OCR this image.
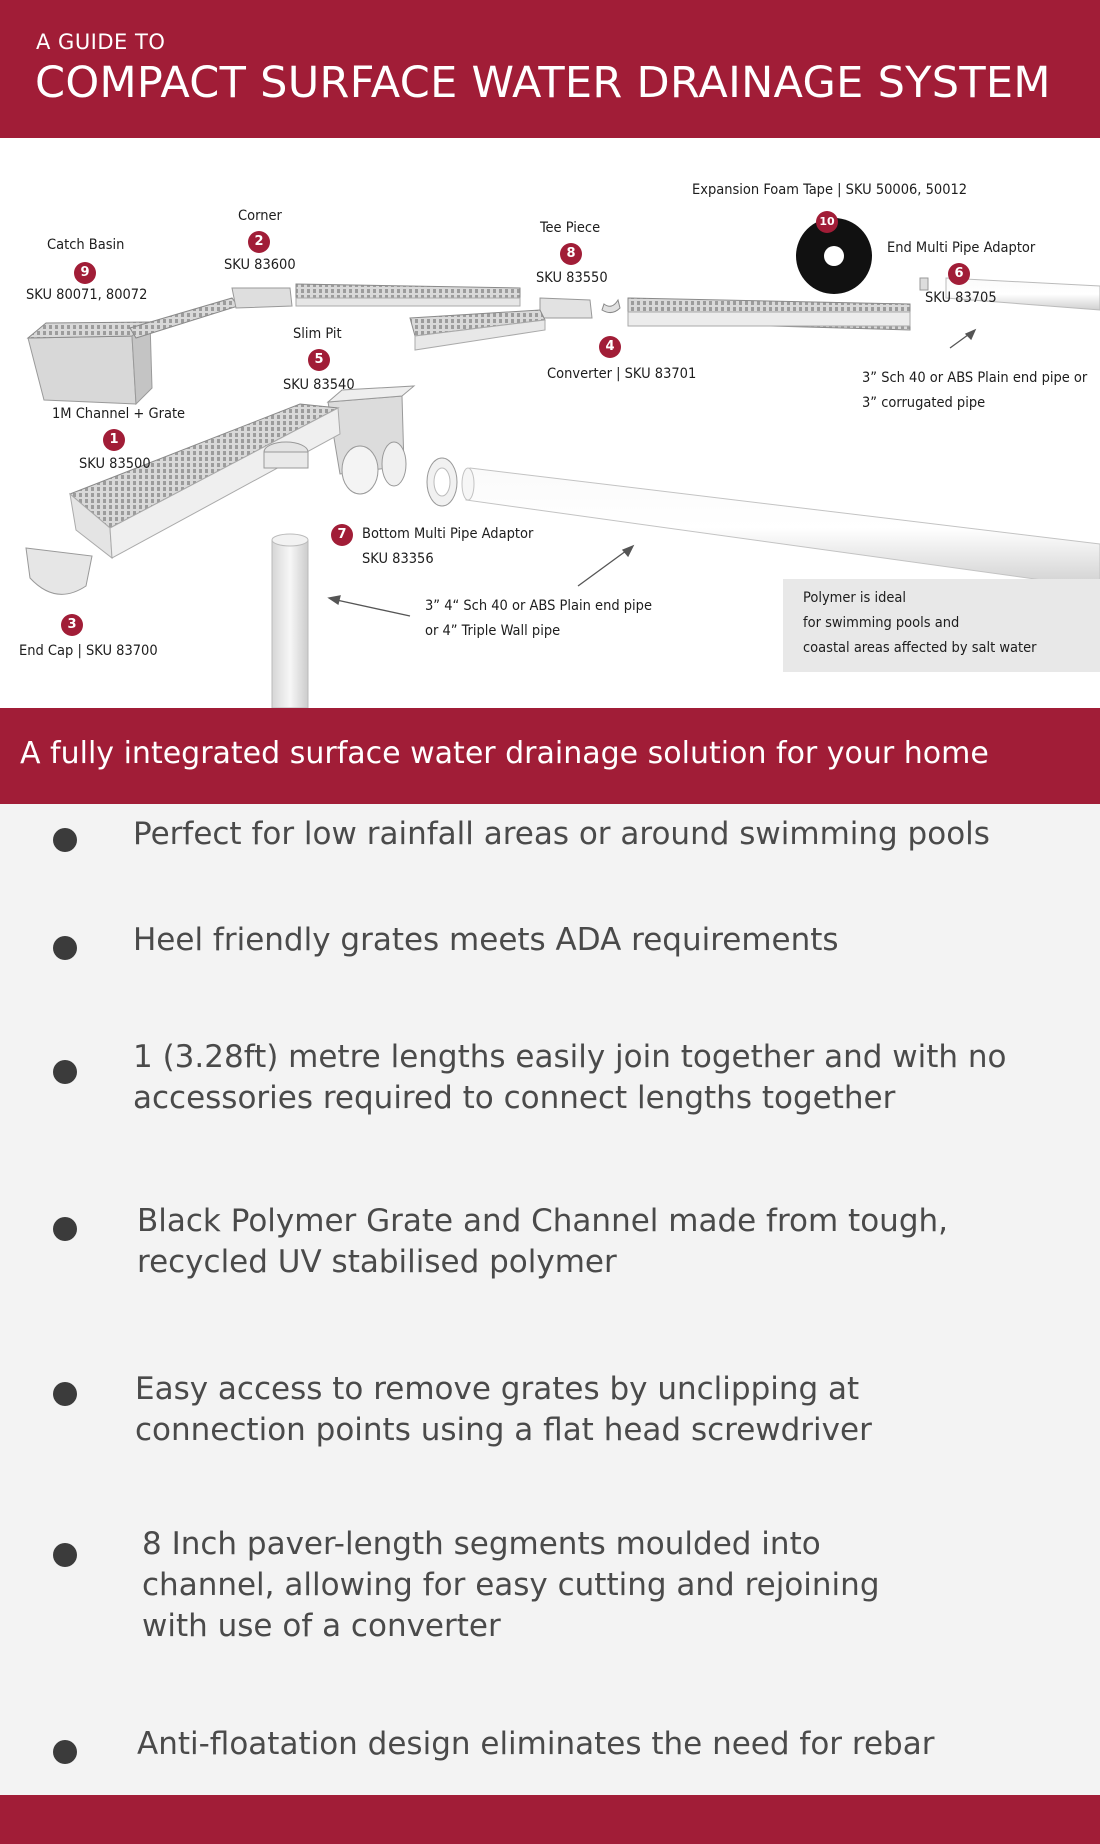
A GUIDE TO
COMPACT SURFACE WATER DRAINAGE SYSTEM
Catch Basin
9
SKU 80071, 80072
Corner
2
SKU 83600
Tee Piece
8
SKU 83550
Expansion Foam Tape | SKU 50006, 50012
10
End Multi Pipe Adaptor
6
SKU 83705
Slim Pit
5
SKU 83540
4
Converter | SKU 83701	3” Sch 40 or ABS Plain end pipe or
3” corrugated pipe
1M Channel + Grate
1
SKU 83500
7	Bottom Multi Pipe Adaptor
SKU 83356
3” 4“ Sch 40 or ABS Plain end pipe
or 4” Triple Wall pipe
3
End Cap | SKU 83700
Polymer is ideal
for swimming pools and
coastal areas affected by salt water
A fully integrated surface water drainage solution for your home
Perfect for low rainfall areas or around swimming pools
Heel friendly grates meets ADA requirements
1 (3.28ft) metre lengths easily join together and with no
accessories required to connect lengths together
Black Polymer Grate and Channel made from tough,
recycled UV stabilised polymer
Easy access to remove grates by unclipping at
connection points using a flat head screwdriver
8 Inch paver-length segments moulded into
channel, allowing for easy cutting and rejoining
with use of a converter
Anti-floatation design eliminates the need for rebar
